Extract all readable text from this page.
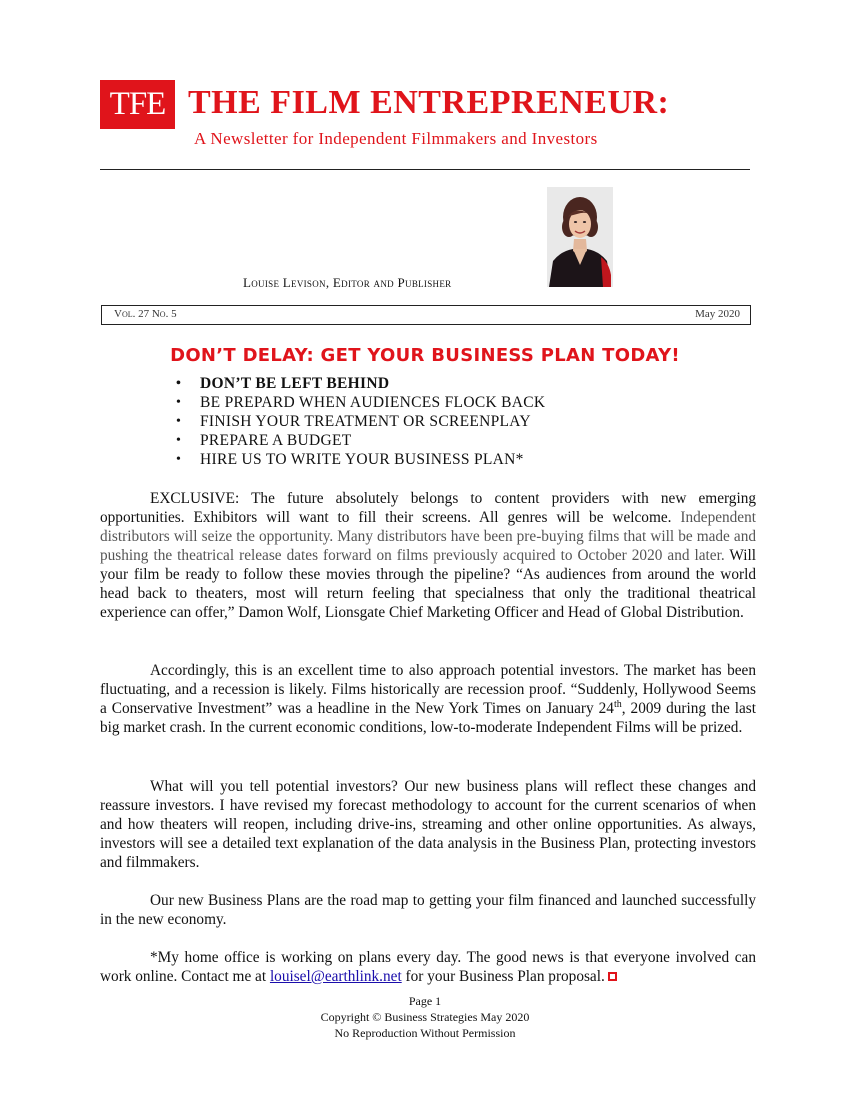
TFE THE FILM ENTREPRENEUR:
A Newsletter for Independent Filmmakers and Investors
Louise Levison, Editor and Publisher
Vol. 27 No. 5	May 2020
DON’T DELAY: GET YOUR BUSINESS PLAN TODAY!
• DON’T BE LEFT BEHIND
• BE PREPARD WHEN AUDIENCES FLOCK BACK
• FINISH YOUR TREATMENT OR SCREENPLAY
• PREPARE A BUDGET
• HIRE US TO WRITE YOUR BUSINESS PLAN*

EXCLUSIVE: The future absolutely belongs to content providers with new emerging opportunities. Exhibitors will want to fill their screens. All genres will be welcome. Independent distributors will seize the opportunity. Many distributors have been pre-buying films that will be made and pushing the theatrical release dates forward on films previously acquired to October 2020 and later. Will your film be ready to follow these movies through the pipeline? “As audiences from around the world head back to theaters, most will return feeling that specialness that only the traditional theatrical experience can offer,” Damon Wolf, Lionsgate Chief Marketing Officer and Head of Global Distribution.

Accordingly, this is an excellent time to also approach potential investors. The market has been fluctuating, and a recession is likely. Films historically are recession proof. “Suddenly, Hollywood Seems a Conservative Investment” was a headline in the New York Times on January 24th, 2009 during the last big market crash. In the current economic conditions, low-to-moderate Independent Films will be prized.

What will you tell potential investors? Our new business plans will reflect these changes and reassure investors. I have revised my forecast methodology to account for the current scenarios of when and how theaters will reopen, including drive-ins, streaming and other online opportunities. As always, investors will see a detailed text explanation of the data analysis in the Business Plan, protecting investors and filmmakers.

Our new Business Plans are the road map to getting your film financed and launched successfully in the new economy.

*My home office is working on plans every day. The good news is that everyone involved can work online. Contact me at louisel@earthlink.net for your Business Plan proposal.

Page 1
Copyright © Business Strategies May 2020
No Reproduction Without Permission
